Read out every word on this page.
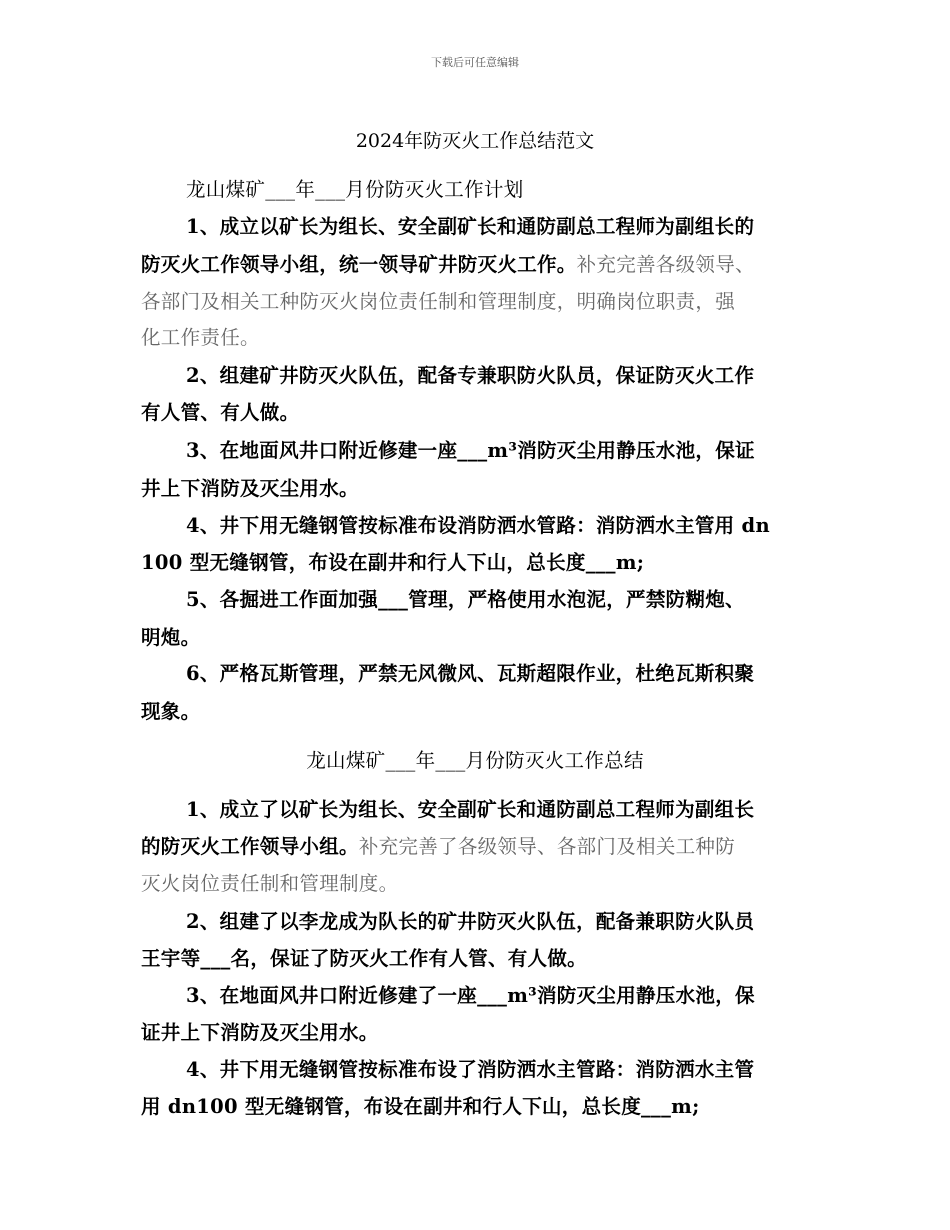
下载后可任意编辑
2024年防灭火工作总结范文
龙山煤矿___年___月份防灭火工作计划
1、成立以矿长为组长、安全副矿长和通防副总工程师为副组长的
防灭火工作领导小组，统一领导矿井防灭火工作。补充完善各级领导、
各部门及相关工种防灭火岗位责任制和管理制度，明确岗位职责，强
化工作责任。
2、组建矿井防灭火队伍，配备专兼职防火队员，保证防灭火工作
有人管、有人做。
3、在地面风井口附近修建一座___m³消防灭尘用静压水池，保证
井上下消防及灭尘用水。
4、井下用无缝钢管按标准布设消防洒水管路：消防洒水主管用 dn
100 型无缝钢管，布设在副井和行人下山，总长度___m;
5、各掘进工作面加强___管理，严格使用水泡泥，严禁防糊炮、
明炮。
6、严格瓦斯管理，严禁无风微风、瓦斯超限作业，杜绝瓦斯积聚
现象。
龙山煤矿___年___月份防灭火工作总结
1、成立了以矿长为组长、安全副矿长和通防副总工程师为副组长
的防灭火工作领导小组。补充完善了各级领导、各部门及相关工种防
灭火岗位责任制和管理制度。
2、组建了以李龙成为队长的矿井防灭火队伍，配备兼职防火队员
王宇等___名，保证了防灭火工作有人管、有人做。
3、在地面风井口附近修建了一座___m³消防灭尘用静压水池，保
证井上下消防及灭尘用水。
4、井下用无缝钢管按标准布设了消防洒水主管路：消防洒水主管
用 dn100 型无缝钢管，布设在副井和行人下山，总长度___m;
